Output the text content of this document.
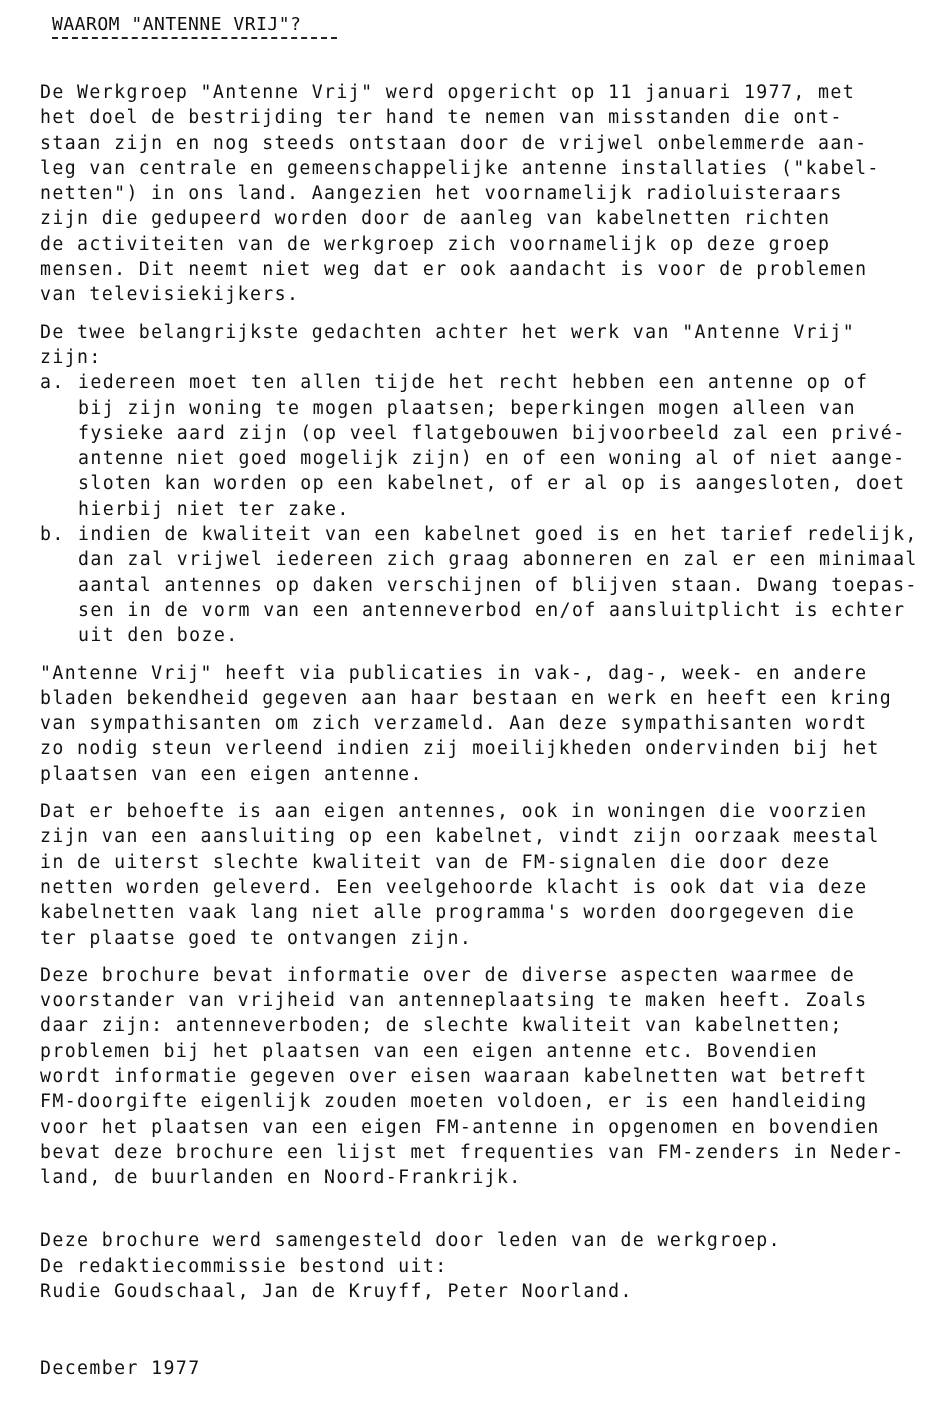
WAAROM "ANTENNE VRIJ"?
De Werkgroep "Antenne Vrij" werd opgericht op 11 januari 1977, met
het doel de bestrijding ter hand te nemen van misstanden die ont-
staan zijn en nog steeds ontstaan door de vrijwel onbelemmerde aan-
leg van centrale en gemeenschappelijke antenne installaties ("kabel-
netten") in ons land. Aangezien het voornamelijk radioluisteraars
zijn die gedupeerd worden door de aanleg van kabelnetten richten
de activiteiten van de werkgroep zich voornamelijk op deze groep
mensen. Dit neemt niet weg dat er ook aandacht is voor de problemen
van televisiekijkers.
De twee belangrijkste gedachten achter het werk van "Antenne Vrij"
zijn:
a. iedereen moet ten allen tijde het recht hebben een antenne op of
bij zijn woning te mogen plaatsen; beperkingen mogen alleen van
fysieke aard zijn (op veel flatgebouwen bijvoorbeeld zal een privé-
antenne niet goed mogelijk zijn) en of een woning al of niet aange-
sloten kan worden op een kabelnet, of er al op is aangesloten, doet
hierbij niet ter zake.
b. indien de kwaliteit van een kabelnet goed is en het tarief redelijk,
dan zal vrijwel iedereen zich graag abonneren en zal er een minimaal
aantal antennes op daken verschijnen of blijven staan. Dwang toepas-
sen in de vorm van een antenneverbod en/of aansluitplicht is echter
uit den boze.
"Antenne Vrij" heeft via publicaties in vak-, dag-, week- en andere
bladen bekendheid gegeven aan haar bestaan en werk en heeft een kring
van sympathisanten om zich verzameld. Aan deze sympathisanten wordt
zo nodig steun verleend indien zij moeilijkheden ondervinden bij het
plaatsen van een eigen antenne.
Dat er behoefte is aan eigen antennes, ook in woningen die voorzien
zijn van een aansluiting op een kabelnet, vindt zijn oorzaak meestal
in de uiterst slechte kwaliteit van de FM-signalen die door deze
netten worden geleverd. Een veelgehoorde klacht is ook dat via deze
kabelnetten vaak lang niet alle programma's worden doorgegeven die
ter plaatse goed te ontvangen zijn.
Deze brochure bevat informatie over de diverse aspecten waarmee de
voorstander van vrijheid van antenneplaatsing te maken heeft. Zoals
daar zijn: antenneverboden; de slechte kwaliteit van kabelnetten;
problemen bij het plaatsen van een eigen antenne etc. Bovendien
wordt informatie gegeven over eisen waaraan kabelnetten wat betreft
FM-doorgifte eigenlijk zouden moeten voldoen, er is een handleiding
voor het plaatsen van een eigen FM-antenne in opgenomen en bovendien
bevat deze brochure een lijst met frequenties van FM-zenders in Neder-
land, de buurlanden en Noord-Frankrijk.
Deze brochure werd samengesteld door leden van de werkgroep.
De redaktiecommissie bestond uit:
Rudie Goudschaal, Jan de Kruyff, Peter Noorland.
December 1977
